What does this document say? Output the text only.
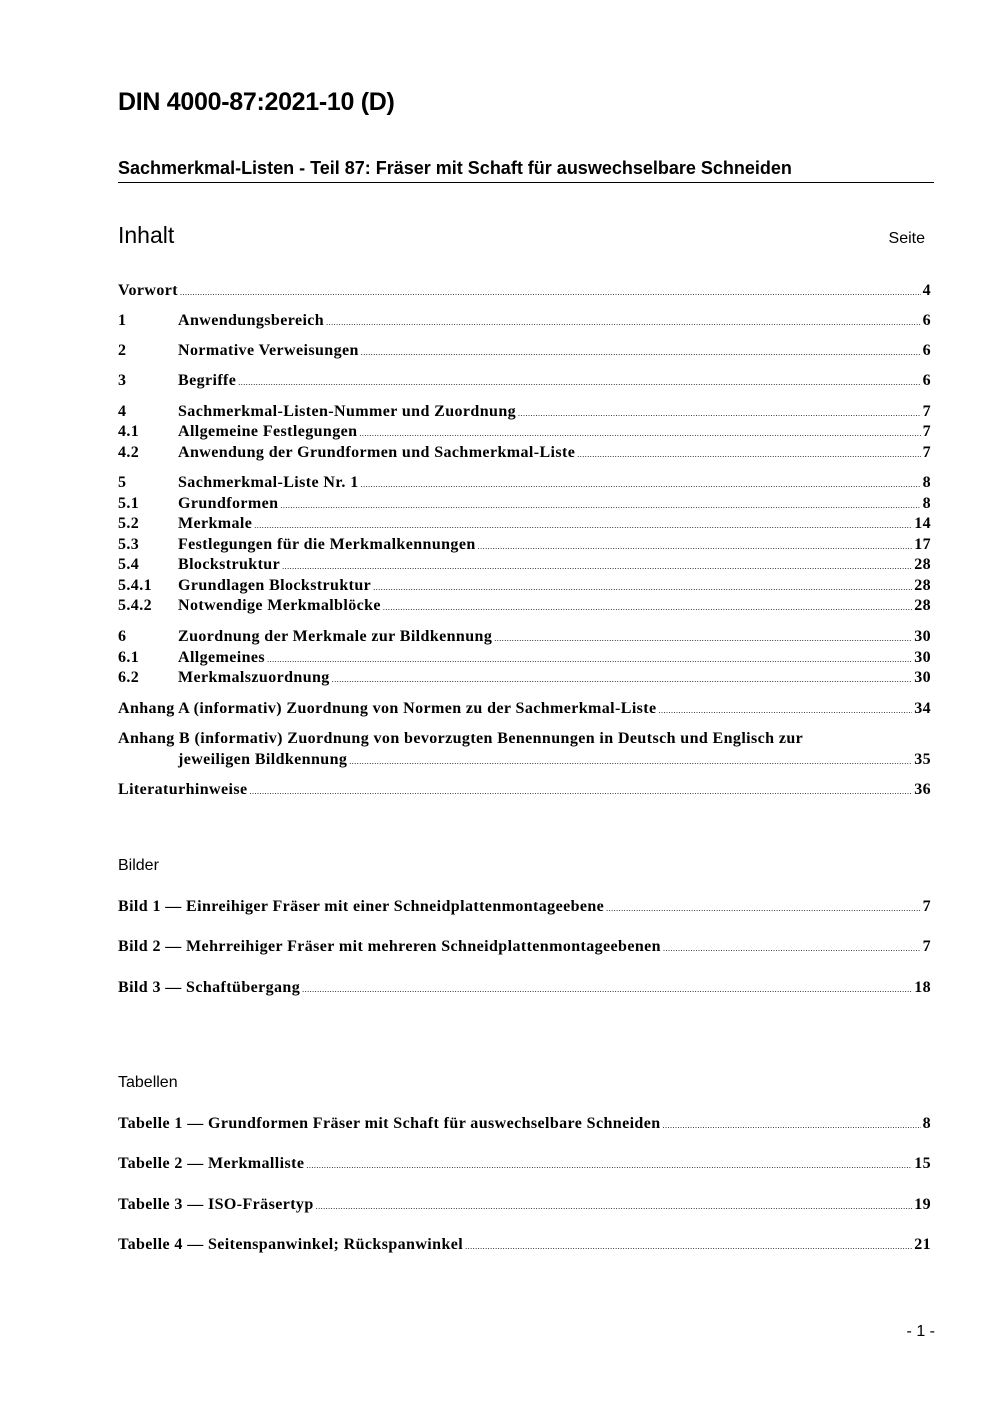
DIN 4000-87:2021-10 (D)
Sachmerkmal-Listen - Teil 87: Fräser mit Schaft für auswechselbare Schneiden
Inhalt	Seite
Vorwort .....	4
1	Anwendungsbereich .....	6
2	Normative Verweisungen .....	6
3	Begriffe .....	6
4	Sachmerkmal-Listen-Nummer und Zuordnung .....	7
4.1	Allgemeine Festlegungen .....	7
4.2	Anwendung der Grundformen und Sachmerkmal-Liste .....	7
5	Sachmerkmal-Liste Nr. 1 .....	8
5.1	Grundformen .....	8
5.2	Merkmale .....	14
5.3	Festlegungen für die Merkmalkennungen .....	17
5.4	Blockstruktur .....	28
5.4.1	Grundlagen Blockstruktur .....	28
5.4.2	Notwendige Merkmalblöcke .....	28
6	Zuordnung der Merkmale zur Bildkennung .....	30
6.1	Allgemeines .....	30
6.2	Merkmalszuordnung .....	30
Anhang A (informativ) Zuordnung von Normen zu der Sachmerkmal-Liste .....	34
Anhang B (informativ) Zuordnung von bevorzugten Benennungen in Deutsch und Englisch zur
jeweiligen Bildkennung .....	35
Literaturhinweise .....	36
Bilder
Bild 1 — Einreihiger Fräser mit einer Schneidplattenmontageebene .....	7
Bild 2 — Mehrreihiger Fräser mit mehreren Schneidplattenmontageebenen .....	7
Bild 3 — Schaftübergang .....	18
Tabellen
Tabelle 1 — Grundformen Fräser mit Schaft für auswechselbare Schneiden .....	8
Tabelle 2 — Merkmalliste .....	15
Tabelle 3 — ISO-Fräsertyp .....	19
Tabelle 4 — Seitenspanwinkel; Rückspanwinkel .....	21
- 1 -
